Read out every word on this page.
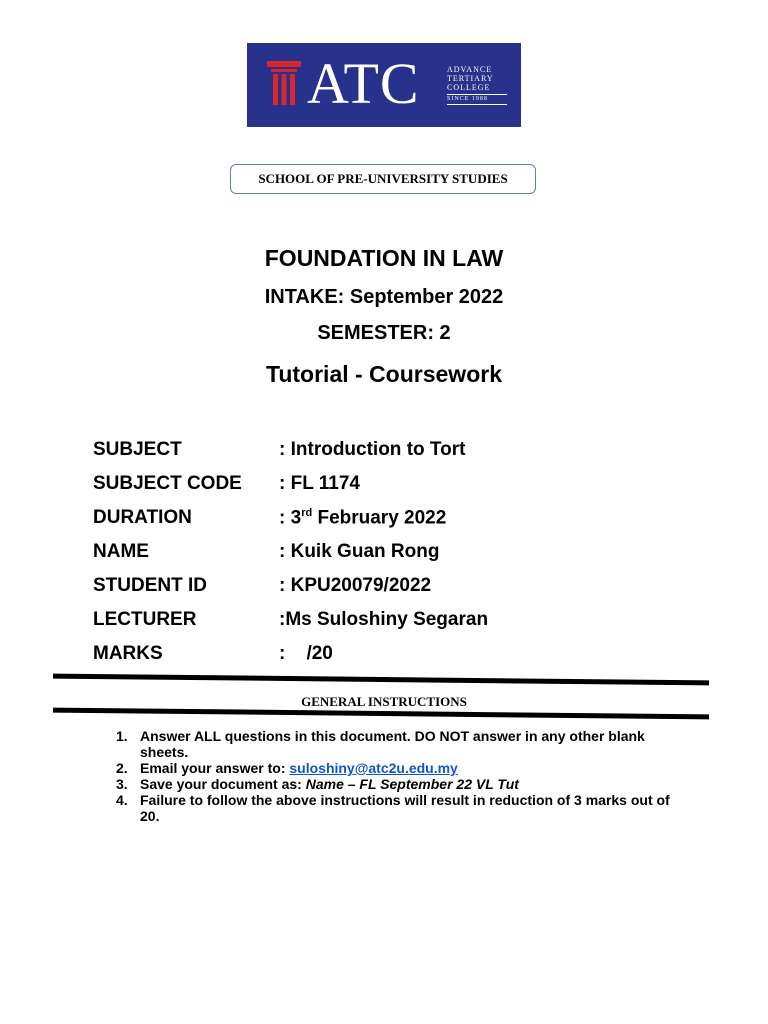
ATC	ADVANCE
TERTIARY
COLLEGE
SINCE 1988
SCHOOL OF PRE-UNIVERSITY STUDIES
FOUNDATION IN LAW
INTAKE: September 2022
SEMESTER: 2
Tutorial - Coursework
SUBJECT	: Introduction to Tort
SUBJECT CODE : FL 1174
DURATION	: 3rd February 2022
NAME	: Kuik Guan Rong
STUDENT ID	: KPU20079/2022
LECTURER	:Ms Suloshiny Segaran
MARKS	:    /20
GENERAL INSTRUCTIONS
1. Answer ALL questions in this document. DO NOT answer in any other blank sheets.
2. Email your answer to: suloshiny@atc2u.edu.my
3. Save your document as: Name – FL September 22 VL Tut
4. Failure to follow the above instructions will result in reduction of 3 marks out of 20.
